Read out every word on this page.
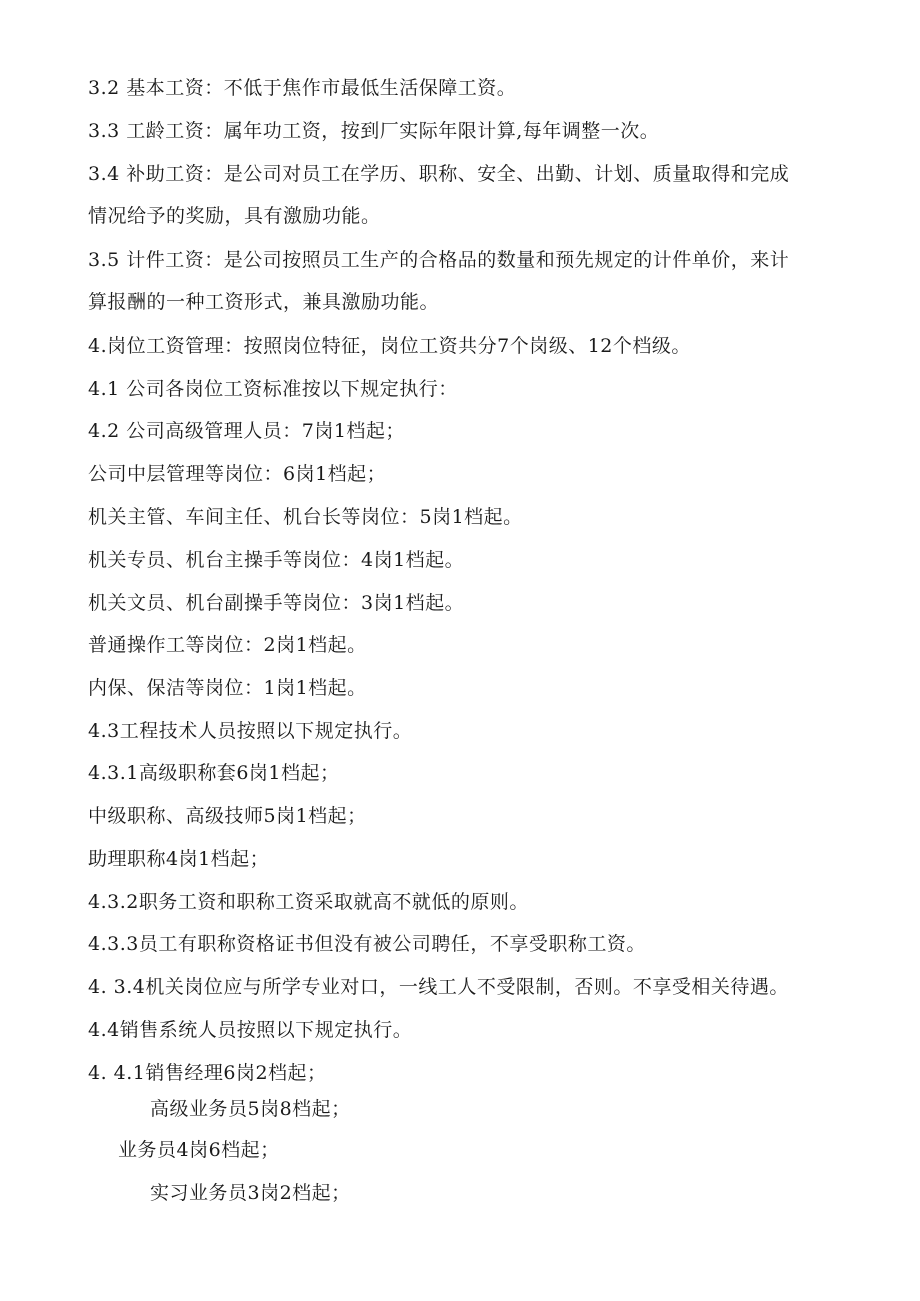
3.2 基本工资：不低于焦作市最低生活保障工资。
3.3 工龄工资：属年功工资，按到厂实际年限计算,每年调整一次。
3.4 补助工资：是公司对员工在学历、职称、安全、出勤、计划、质量取得和完成
情况给予的奖励，具有激励功能。
3.5 计件工资：是公司按照员工生产的合格品的数量和预先规定的计件单价，来计
算报酬的一种工资形式，兼具激励功能。
4.岗位工资管理：按照岗位特征，岗位工资共分7个岗级、12个档级。
4.1 公司各岗位工资标准按以下规定执行：
4.2 公司高级管理人员：7岗1档起；
公司中层管理等岗位：6岗1档起；
机关主管、车间主任、机台长等岗位：5岗1档起。
机关专员、机台主操手等岗位：4岗1档起。
机关文员、机台副操手等岗位：3岗1档起。
普通操作工等岗位：2岗1档起。
内保、保洁等岗位：1岗1档起。
4.3工程技术人员按照以下规定执行。
4.3.1高级职称套6岗1档起；
中级职称、高级技师5岗1档起；
助理职称4岗1档起；
4.3.2职务工资和职称工资采取就高不就低的原则。
4.3.3员工有职称资格证书但没有被公司聘任，不享受职称工资。
4. 3.4机关岗位应与所学专业对口，一线工人不受限制，否则。不享受相关待遇。
4.4销售系统人员按照以下规定执行。
4. 4.1销售经理6岗2档起；
高级业务员5岗8档起；
业务员4岗6档起；
实习业务员3岗2档起；
